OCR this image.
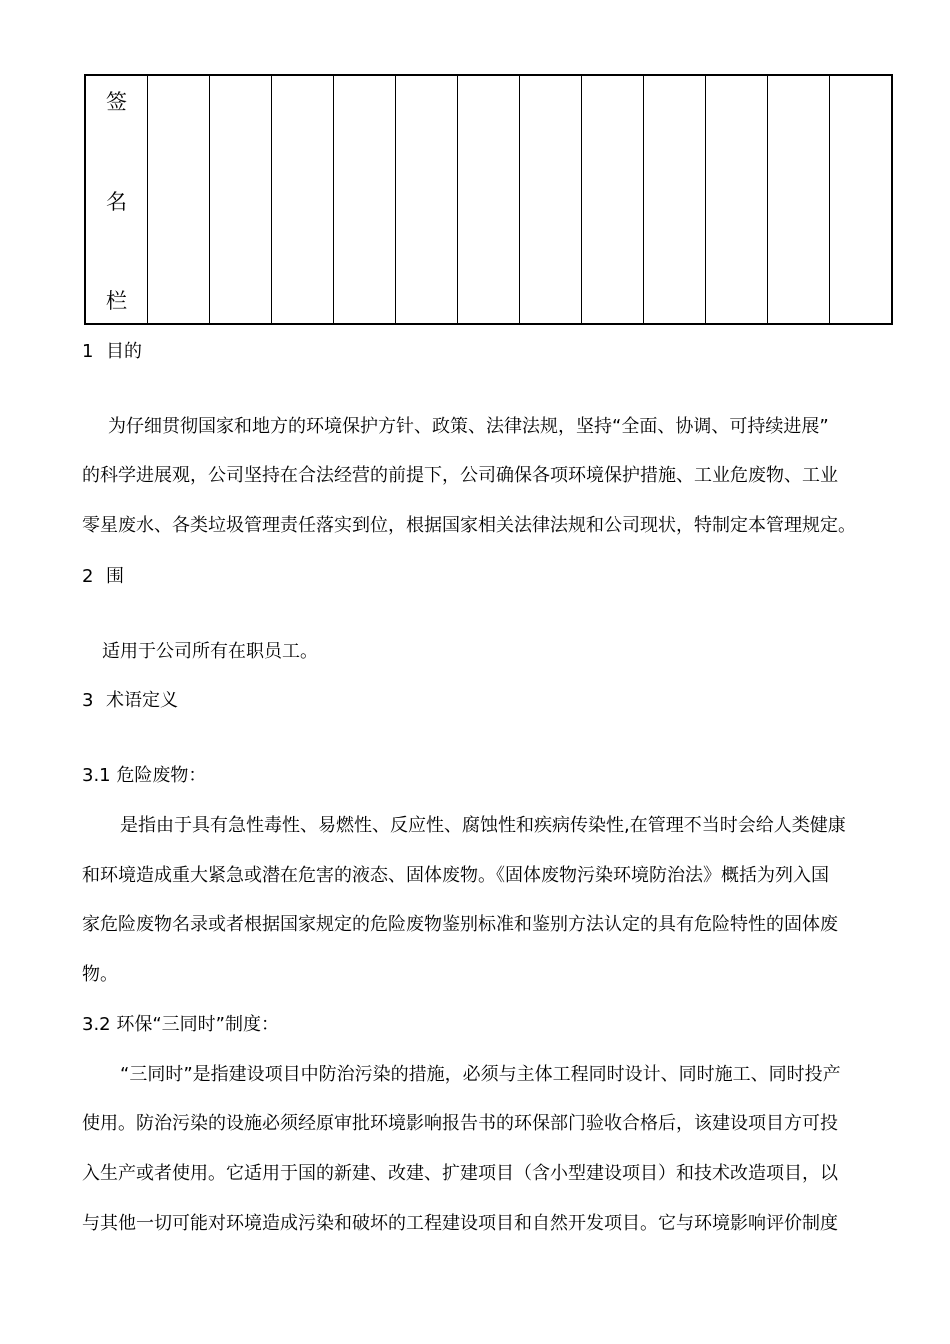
签
名
栏

1 目的
为仔细贯彻国家和地方的环境保护方针、政策、法律法规，坚持“全面、协调、可持续进展”
的科学进展观，公司坚持在合法经营的前提下，公司确保各项环境保护措施、工业危废物、工业
零星废水、各类垃圾管理责任落实到位，根据国家相关法律法规和公司现状，特制定本管理规定。
2 围
适用于公司所有在职员工。
3 术语定义
3.1 危险废物：
是指由于具有急性毒性、易燃性、反应性、腐蚀性和疾病传染性,在管理不当时会给人类健康
和环境造成重大紧急或潜在危害的液态、固体废物。《固体废物污染环境防治法》概括为列入国
家危险废物名录或者根据国家规定的危险废物鉴别标准和鉴别方法认定的具有危险特性的固体废
物。
3.2 环保“三同时”制度：
“三同时”是指建设项目中防治污染的措施，必须与主体工程同时设计、同时施工、同时投产
使用。防治污染的设施必须经原审批环境影响报告书的环保部门验收合格后，该建设项目方可投
入生产或者使用。它适用于国的新建、改建、扩建项目（含小型建设项目）和技术改造项目，以
与其他一切可能对环境造成污染和破坏的工程建设项目和自然开发项目。它与环境影响评价制度
